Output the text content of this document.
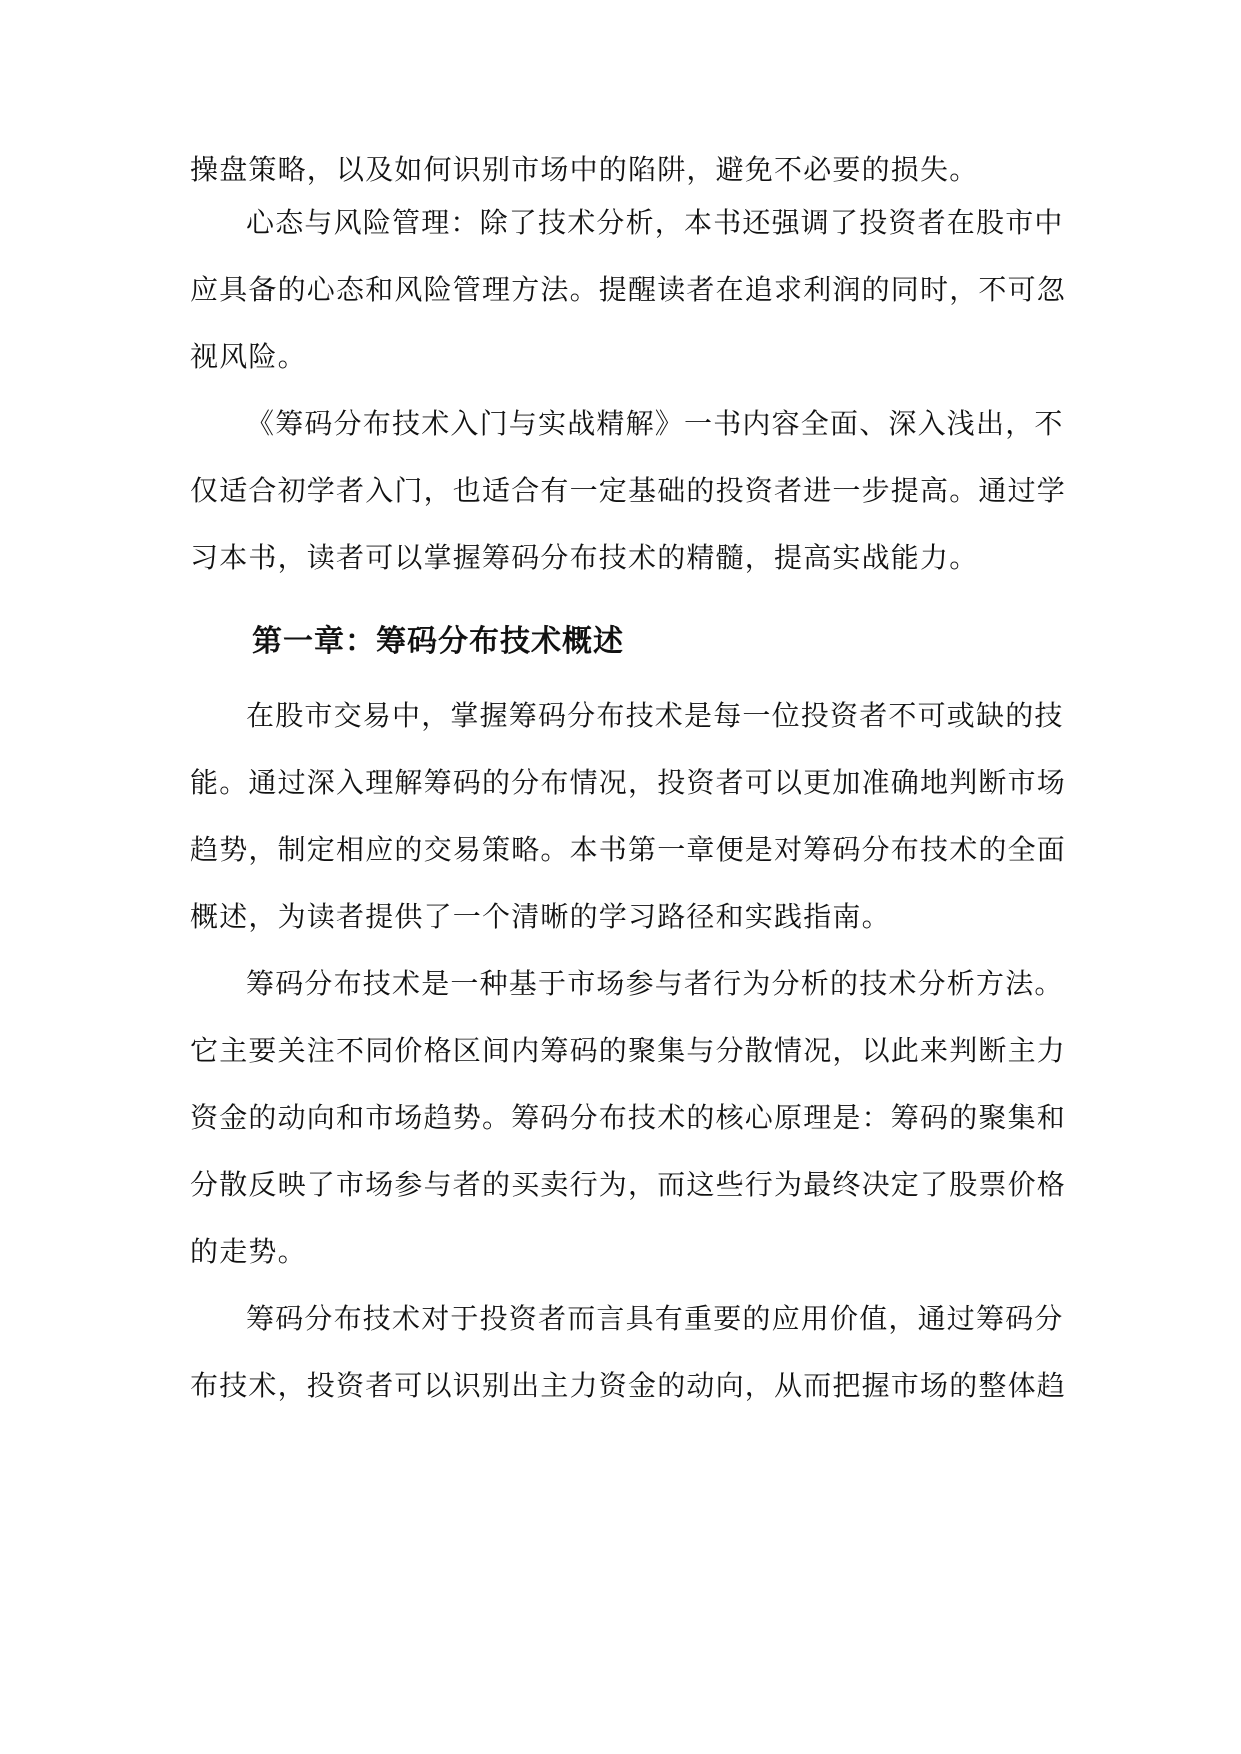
操盘策略，以及如何识别市场中的陷阱，避免不必要的损失。
心态与风险管理：除了技术分析，本书还强调了投资者在股市中
应具备的心态和风险管理方法。提醒读者在追求利润的同时，不可忽
视风险。
《筹码分布技术入门与实战精解》一书内容全面、深入浅出，不
仅适合初学者入门，也适合有一定基础的投资者进一步提高。通过学
习本书，读者可以掌握筹码分布技术的精髓，提高实战能力。
第一章：筹码分布技术概述
在股市交易中，掌握筹码分布技术是每一位投资者不可或缺的技
能。通过深入理解筹码的分布情况，投资者可以更加准确地判断市场
趋势，制定相应的交易策略。本书第一章便是对筹码分布技术的全面
概述，为读者提供了一个清晰的学习路径和实践指南。
筹码分布技术是一种基于市场参与者行为分析的技术分析方法。
它主要关注不同价格区间内筹码的聚集与分散情况，以此来判断主力
资金的动向和市场趋势。筹码分布技术的核心原理是：筹码的聚集和
分散反映了市场参与者的买卖行为，而这些行为最终决定了股票价格
的走势。
筹码分布技术对于投资者而言具有重要的应用价值，通过筹码分
布技术，投资者可以识别出主力资金的动向，从而把握市场的整体趋
